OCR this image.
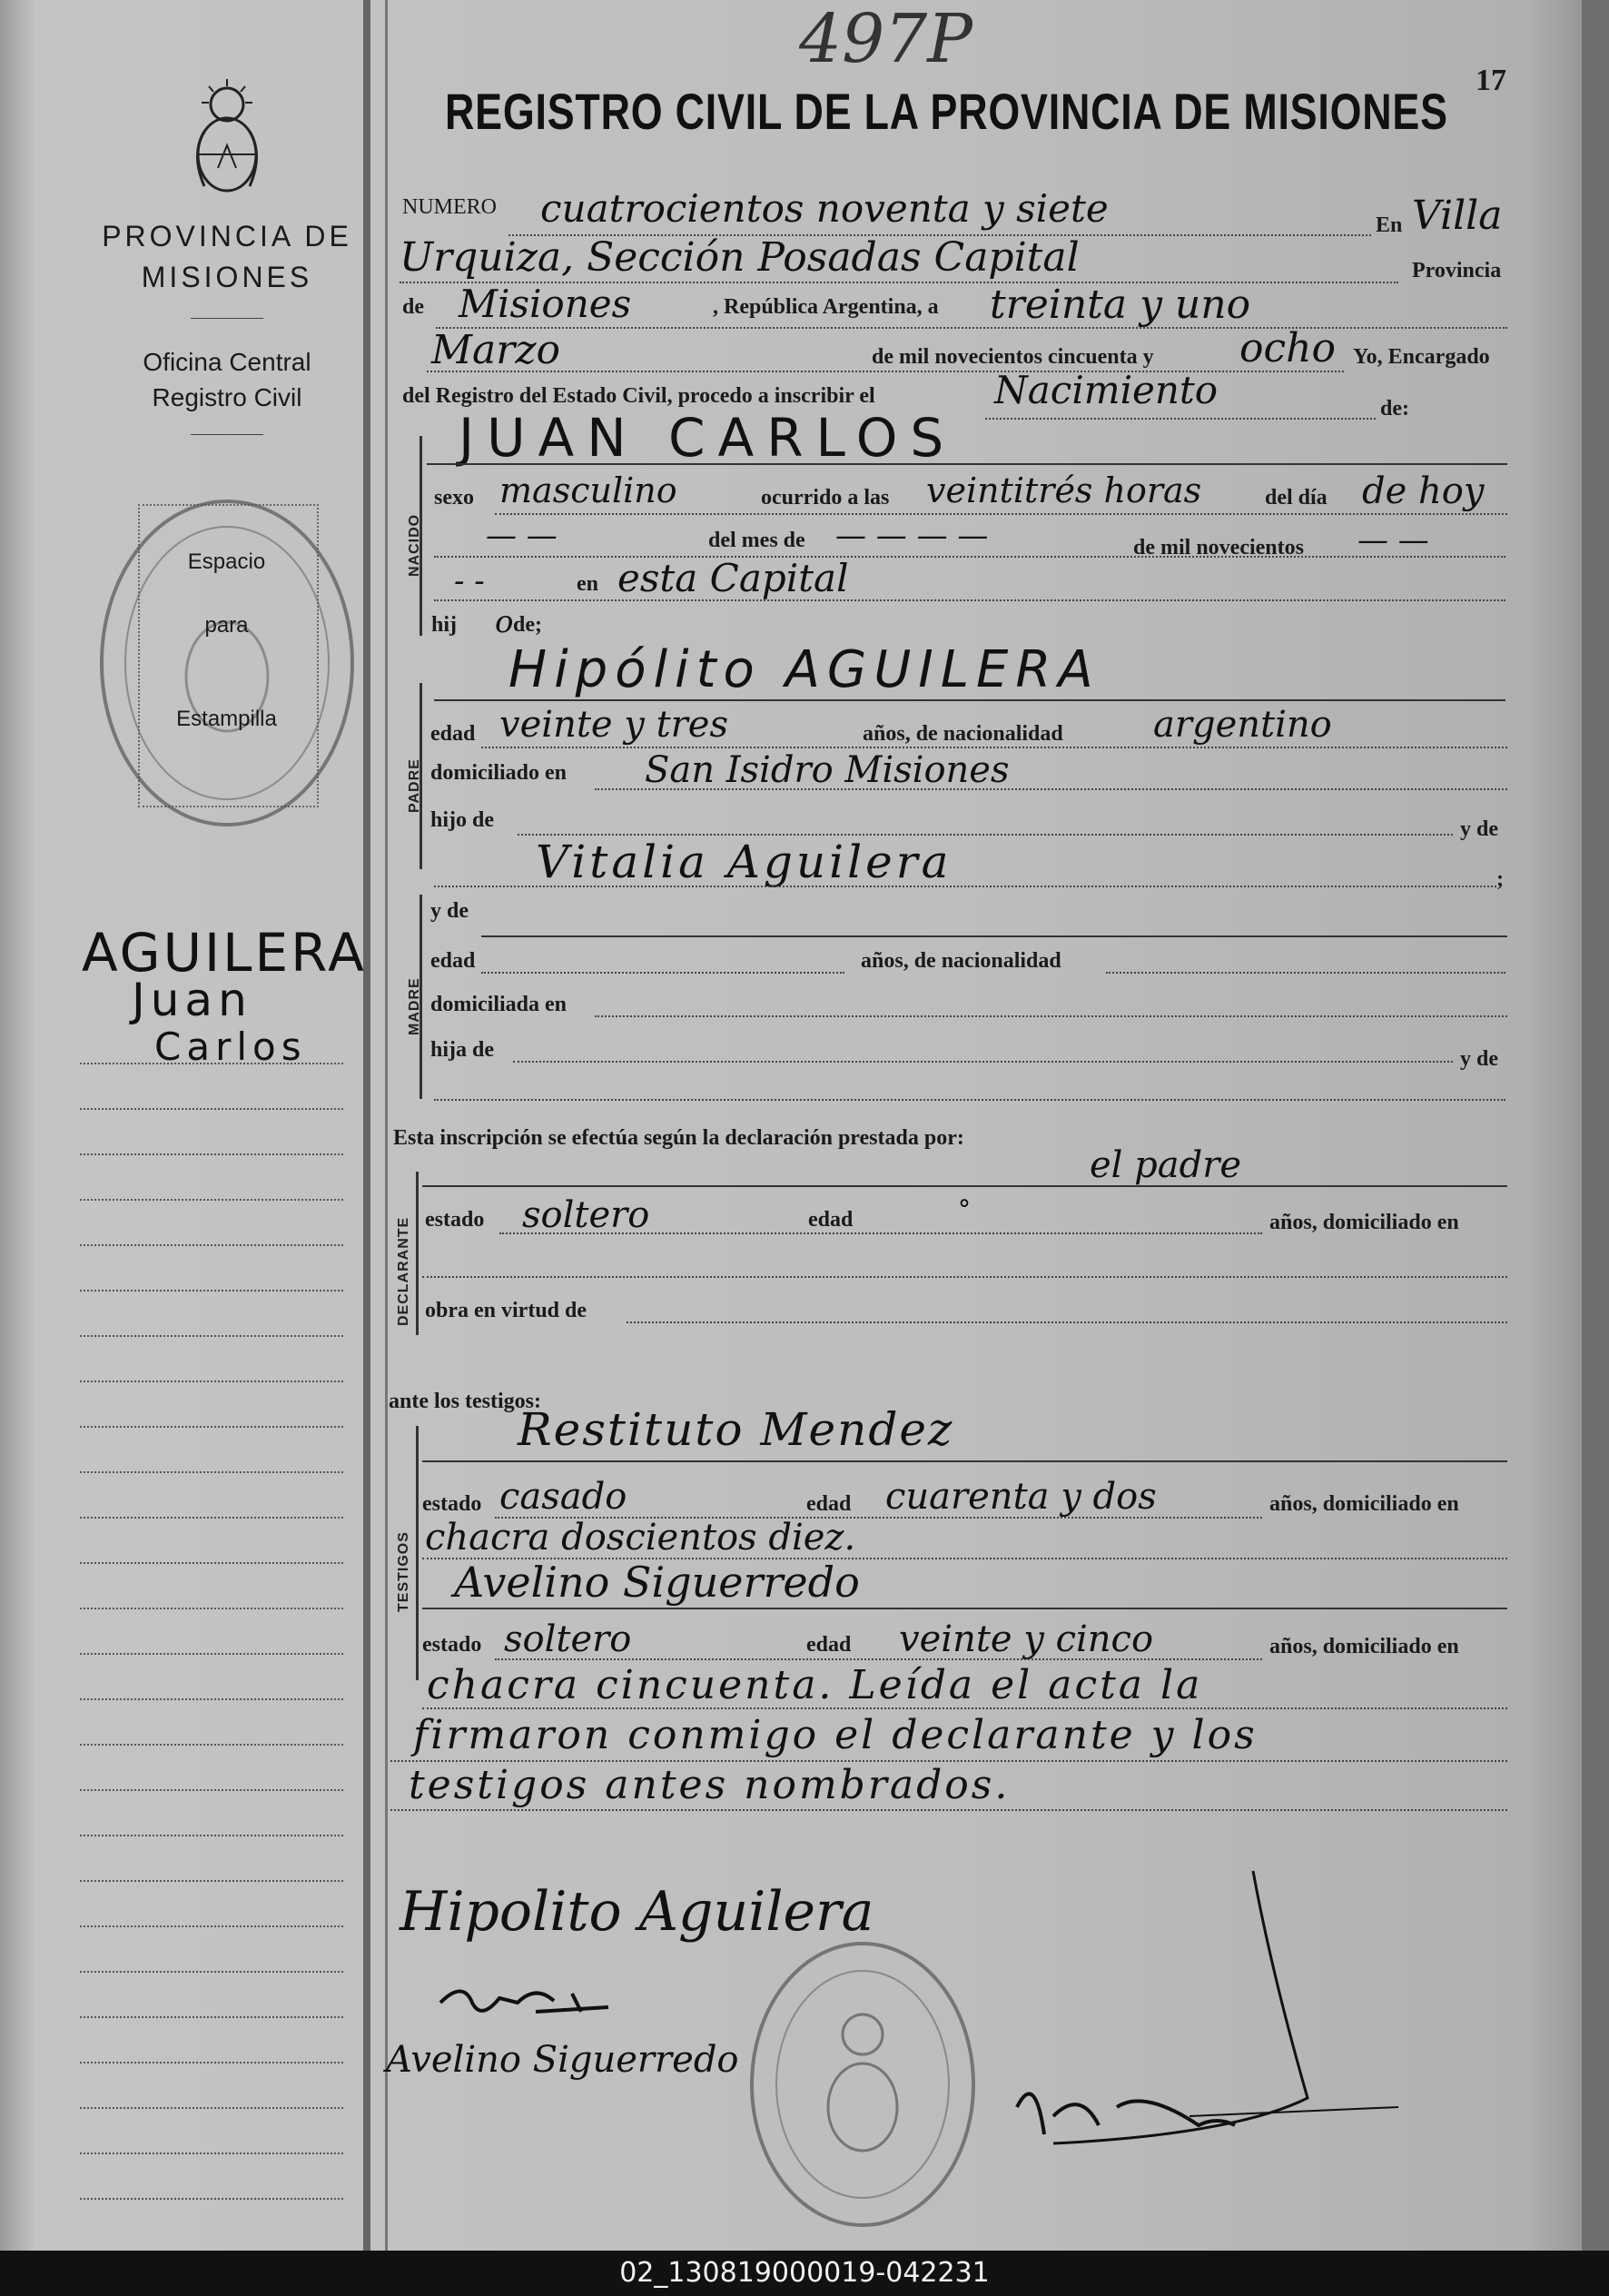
497P
17
REGISTRO CIVIL DE LA PROVINCIA DE MISIONES
PROVINCIA DE
MISIONES
Oficina Central
Registro Civil
Espacio
para
Estampilla
AGUILERA
Juan
Carlos
NUMERO cuatrocientos noventa y siete	En Villa
Urquiza, Sección Posadas Capital	Provincia
de Misiones	, República Argentina, a treinta y uno
Marzo	de mil novecientos cincuenta y ocho Yo, Encargado
del Registro del Estado Civil, procedo a inscribir el	Nacimiento	de:
JUAN CARLOS
NACIDO
sexo masculino	ocurrido a las veintitrés horas	del día de hoy
— —	del mes de — — — —	de mil novecientos — —
- -	en esta Capital
hij o de;
PADRE
Hipólito AGUILERA
edad veinte y tres	años, de nacionalidad argentino
domiciliado en San Isidro Misiones
hijo de	y de
Vitalia Aguilera	;
MADRE
y de
edad	años, de nacionalidad
domiciliada en
hija de	y de
Esta inscripción se efectúa según la declaración prestada por:
el padre
DECLARANTE estado soltero	edad	°	años, domiciliado en
obra en virtud de
ante los testigos:
TESTIGOS
Restituto Mendez
estado casado	edad cuarenta y dos	años, domiciliado en
chacra doscientos diez.
Avelino Siguerredo
estado soltero	edad veinte y cinco	años, domiciliado en
chacra cincuenta. Leída el acta la
firmaron conmigo el declarante y los
testigos antes nombrados.
Hipolito Aguilera
Avelino Siguerredo
02_130819000019-042231
